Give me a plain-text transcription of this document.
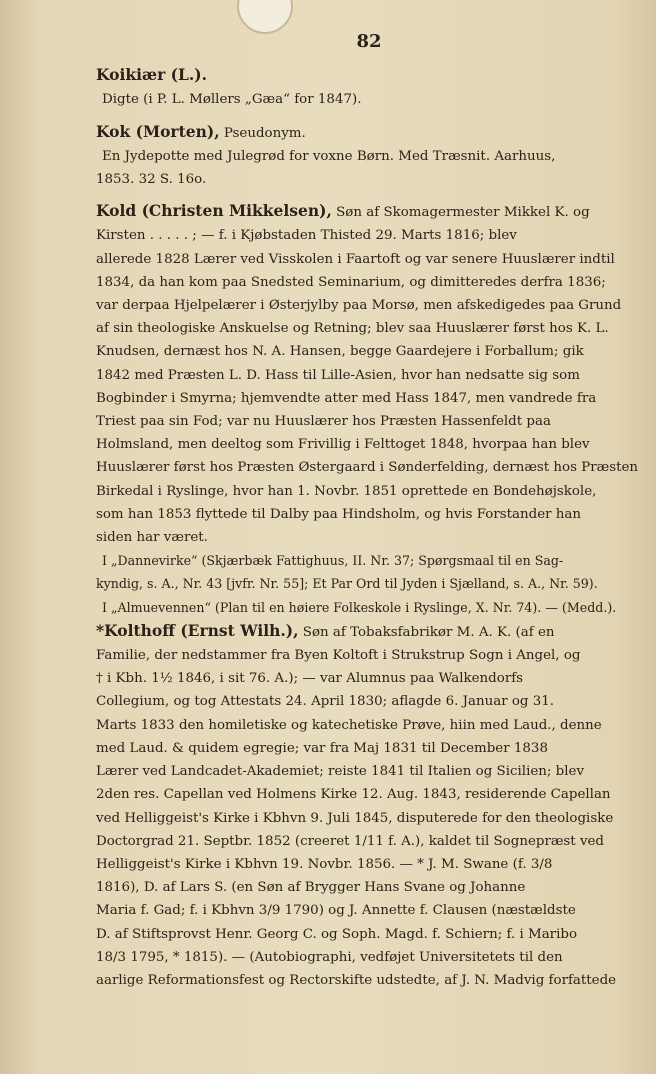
82
Koikiær (L.).
Digte (i P. L. Møllers „Gæa“ for 1847).
Kok (Morten), Pseudonym.
En Jydepotte med Julegrød for voxne Børn. Med Træsnit. Aarhuus,
1853. 32 S. 16o.
Kold (Christen Mikkelsen), Søn af Skomagermester Mikkel K. og
Kirsten . . . . . ; — f. i Kjøbstaden Thisted 29. Marts 1816; blev
allerede 1828 Lærer ved Visskolen i Faartoft og var senere Huuslærer indtil
1834, da han kom paa Snedsted Seminarium, og dimitteredes derfra 1836;
var derpaa Hjelpelærer i Østerjylby paa Morsø, men afskedigedes paa Grund
af sin theologiske Anskuelse og Retning; blev saa Huuslærer først hos K. L.
Knudsen, dernæst hos N. A. Hansen, begge Gaardejere i Forballum; gik
1842 med Præsten L. D. Hass til Lille-Asien, hvor han nedsatte sig som
Bogbinder i Smyrna; hjemvendte atter med Hass 1847, men vandrede fra
Triest paa sin Fod; var nu Huuslærer hos Præsten Hassenfeldt paa
Holmsland, men deeltog som Frivillig i Felttoget 1848, hvorpaa han blev
Huuslærer først hos Præsten Østergaard i Sønderfelding, dernæst hos Præsten
Birkedal i Ryslinge, hvor han 1. Novbr. 1851 oprettede en Bondehøjskole,
som han 1853 flyttede til Dalby paa Hindsholm, og hvis Forstander han
siden har været.
I „Dannevirke“ (Skjærbæk Fattighuus, II. Nr. 37; Spørgsmaal til en Sag-
kyndig, s. A., Nr. 43 [jvfr. Nr. 55]; Et Par Ord til Jyden i Sjælland, s. A., Nr. 59).
I „Almuevennen“ (Plan til en høiere Folkeskole i Ryslinge, X. Nr. 74). — (Medd.).
*Kolthoff (Ernst Wilh.), Søn af Tobaksfabrikør M. A. K. (af en
Familie, der nedstammer fra Byen Koltoft i Strukstrup Sogn i Angel, og
† i Kbh. 1½ 1846, i sit 76. A.); — var Alumnus paa Walkendorfs
Collegium, og tog Attestats 24. April 1830; aflagde 6. Januar og 31.
Marts 1833 den homiletiske og katechetiske Prøve, hiin med Laud., denne
med Laud. & quidem egregie; var fra Maj 1831 til December 1838
Lærer ved Landcadet-Akademiet; reiste 1841 til Italien og Sicilien; blev
2den res. Capellan ved Holmens Kirke 12. Aug. 1843, residerende Capellan
ved Helliggeist's Kirke i Kbhvn 9. Juli 1845, disputerede for den theologiske
Doctorgrad 21. Septbr. 1852 (creeret 1/11 f. A.), kaldet til Sognepræst ved
Helliggeist's Kirke i Kbhvn 19. Novbr. 1856. — * J. M. Swane (f. 3/8
1816), D. af Lars S. (en Søn af Brygger Hans Svane og Johanne
Maria f. Gad; f. i Kbhvn 3/9 1790) og J. Annette f. Clausen (næstældste
D. af Stiftsprovst Henr. Georg C. og Soph. Magd. f. Schiern; f. i Maribo
18/3 1795, * 1815). — (Autobiographi, vedføjet Universitetets til den
aarlige Reformationsfest og Rectorskifte udstedte, af J. N. Madvig forfattede
